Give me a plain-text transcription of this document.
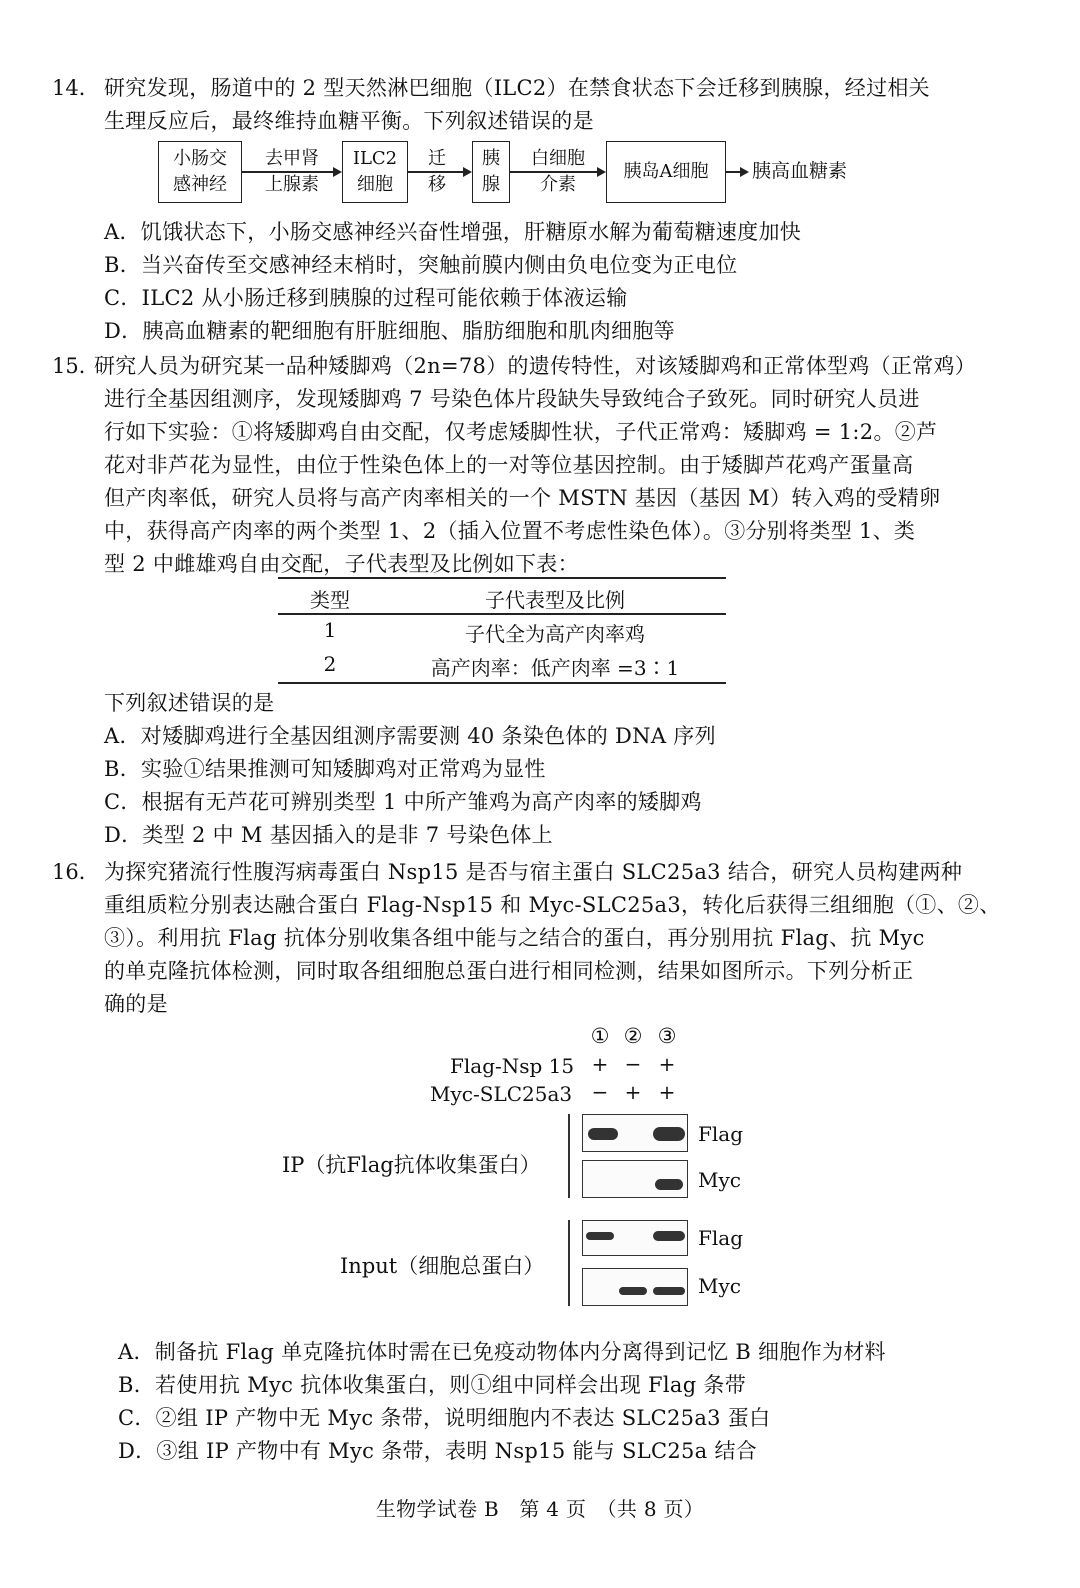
14． 研究发现，肠道中的 2 型天然淋巴细胞（ILC2）在禁食状态下会迁移到胰腺，经过相关
生理反应后，最终维持血糖平衡。下列叙述错误的是
小肠交
感神经
去甲肾
上腺素
ILC2
细胞
迁
移
胰
腺
白细胞
介素
胰岛A细胞 胰高血糖素
A．饥饿状态下，小肠交感神经兴奋性增强，肝糖原水解为葡萄糖速度加快
B．当兴奋传至交感神经末梢时，突触前膜内侧由负电位变为正电位
C．ILC2 从小肠迁移到胰腺的过程可能依赖于体液运输
D．胰高血糖素的靶细胞有肝脏细胞、脂肪细胞和肌肉细胞等
15．
研究人员为研究某一品种矮脚鸡（2n=78）的遗传特性，对该矮脚鸡和正常体型鸡（正常鸡）
进行全基因组测序，发现矮脚鸡 7 号染色体片段缺失导致纯合子致死。同时研究人员进
行如下实验：①将矮脚鸡自由交配，仅考虑矮脚性状，子代正常鸡：矮脚鸡 = 1:2。②芦
花对非芦花为显性，由位于性染色体上的一对等位基因控制。由于矮脚芦花鸡产蛋量高
但产肉率低，研究人员将与高产肉率相关的一个 MSTN 基因（基因 M）转入鸡的受精卵
中，获得高产肉率的两个类型 1、2（插入位置不考虑性染色体）。③分别将类型 1、类
型 2 中雌雄鸡自由交配，子代表型及比例如下表：
类型	子代表型及比例
1	子代全为高产肉率鸡
2	高产肉率：低产肉率 =3∶1
下列叙述错误的是
A．对矮脚鸡进行全基因组测序需要测 40 条染色体的 DNA 序列
B．实验①结果推测可知矮脚鸡对正常鸡为显性
C．根据有无芦花可辨别类型 1 中所产雏鸡为高产肉率的矮脚鸡
D．类型 2 中 M 基因插入的是非 7 号染色体上
16． 为探究猪流行性腹泻病毒蛋白 Nsp15 是否与宿主蛋白 SLC25a3 结合，研究人员构建两种
重组质粒分别表达融合蛋白 Flag-Nsp15 和 Myc-SLC25a3，转化后获得三组细胞（①、②、
③）。利用抗 Flag 抗体分别收集各组中能与之结合的蛋白，再分别用抗 Flag、抗 Myc
的单克隆抗体检测，同时取各组细胞总蛋白进行相同检测，结果如图所示。下列分析正
确的是
① ② ③
Flag-Nsp 15 + − +
Myc-SLC25a3 − + +
IP（抗Flag抗体收集蛋白）
Flag
Myc
Input（细胞总蛋白）
Flag
Myc
A．制备抗 Flag 单克隆抗体时需在已免疫动物体内分离得到记忆 B 细胞作为材料
B．若使用抗 Myc 抗体收集蛋白，则①组中同样会出现 Flag 条带
C．②组 IP 产物中无 Myc 条带，说明细胞内不表达 SLC25a3 蛋白
D．③组 IP 产物中有 Myc 条带，表明 Nsp15 能与 SLC25a 结合
生物学试卷 B　第 4 页　（共 8 页）
